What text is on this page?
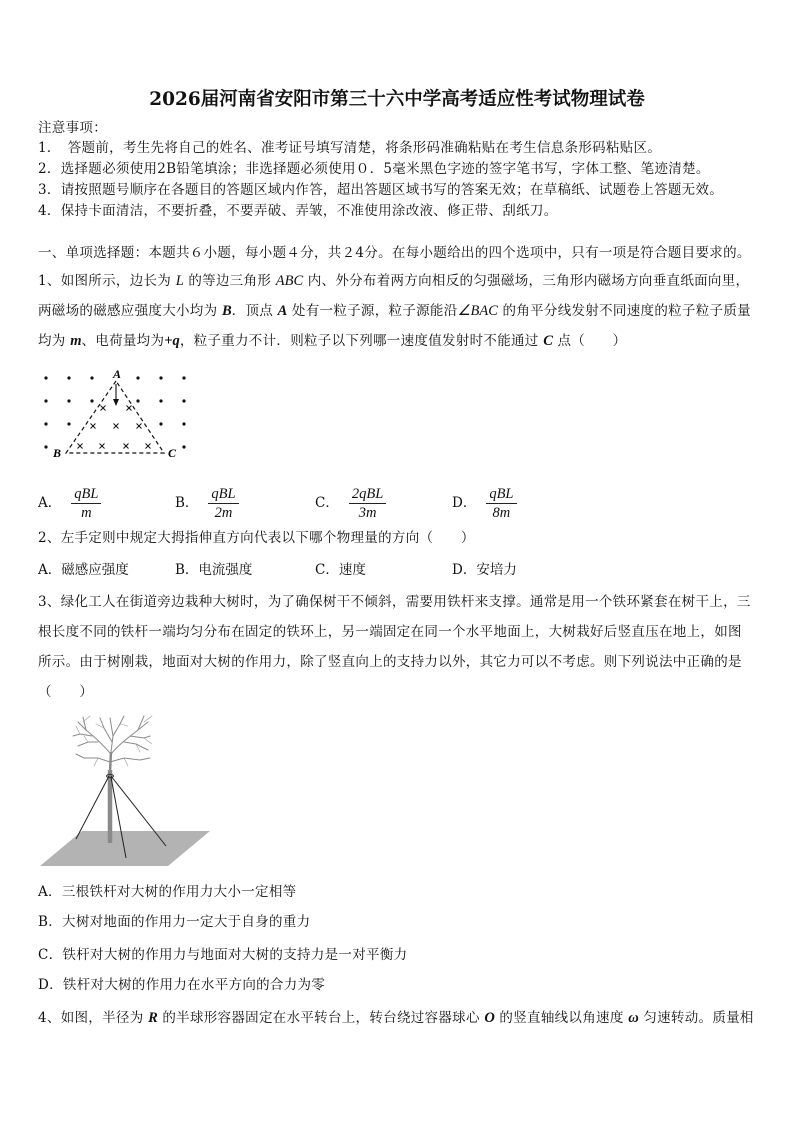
2026届河南省安阳市第三十六中学高考适应性考试物理试卷
注意事项：
1．　答题前，考生先将自己的姓名、准考证号填写清楚，将条形码准确粘贴在考生信息条形码粘贴区。
2．选择题必须使用2B铅笔填涂；非选择题必须使用０．5毫米黑色字迹的签字笔书写，字体工整、笔迹清楚。
3．请按照题号顺序在各题目的答题区域内作答，超出答题区域书写的答案无效；在草稿纸、试题卷上答题无效。
4．保持卡面清洁，不要折叠，不要弄破、弄皱，不准使用涂改液、修正带、刮纸刀。
一、单项选择题：本题共６小题，每小题４分，共２4分。在每小题给出的四个选项中，只有一项是符合题目要求的。
1、如图所示，边长为 L 的等边三角形 ABC 内、外分布着两方向相反的匀强磁场，三角形内磁场方向垂直纸面向里，
两磁场的磁感应强度大小均为 B．顶点 A 处有一粒子源，粒子源能沿∠BAC 的角平分线发射不同速度的粒子粒子质量
均为 m、电荷量均为+q，粒子重力不计．则粒子以下列哪一速度值发射时不能通过 C 点（　　）
A
B	C
A． $\frac{\text{qBL}}{m}$	B． $\frac{\text{qBL}}{2m}$	C． $\frac{\text{2qBL}}{3m}$	D． $\frac{\text{qBL}}{8m}$
2、左手定则中规定大拇指伸直方向代表以下哪个物理量的方向（　　）
A．磁感应强度	B．电流强度	C．速度	D．安培力
3、绿化工人在街道旁边栽种大树时，为了确保树干不倾斜，需要用铁杆来支撑。通常是用一个铁环紧套在树干上，三
根长度不同的铁杆一端均匀分布在固定的铁环上，另一端固定在同一个水平地面上，大树栽好后竖直压在地上，如图
所示。由于树刚栽，地面对大树的作用力，除了竖直向上的支持力以外，其它力可以不考虑。则下列说法中正确的是
（　　）
A．三根铁杆对大树的作用力大小一定相等
B．大树对地面的作用力一定大于自身的重力
C．铁杆对大树的作用力与地面对大树的支持力是一对平衡力
D．铁杆对大树的作用力在水平方向的合力为零
4、如图，半径为 R 的半球形容器固定在水平转台上，转台绕过容器球心 O 的竖直轴线以角速度 ω 匀速转动。质量相
